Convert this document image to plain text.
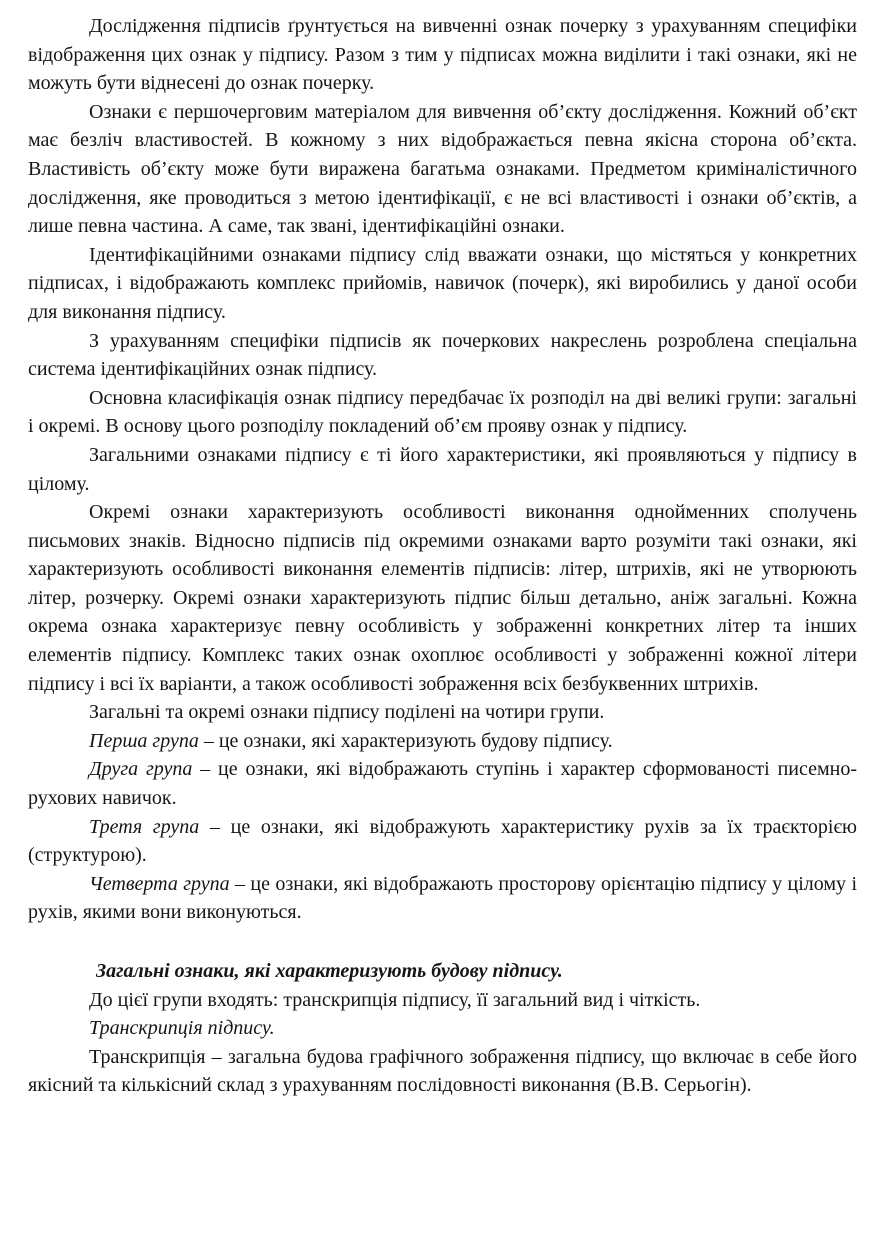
Дослідження підписів ґрунтується на вивченні ознак почерку з урахуванням специфіки відображення цих ознак у підпису. Разом з тим у підписах можна виділити і такі ознаки, які не можуть бути віднесені до ознак почерку.

Ознаки є першочерговим матеріалом для вивчення об’єкту дослідження. Кожний об’єкт має безліч властивостей. В кожному з них відображається певна якісна сторона об’єкта. Властивість об’єкту може бути виражена багатьма ознаками. Предметом криміналістичного дослідження, яке проводиться з метою ідентифікації, є не всі властивості і ознаки об’єктів, а лише певна частина. А саме, так звані, ідентифікаційні ознаки.

Ідентифікаційними ознаками підпису слід вважати ознаки, що містяться у конкретних підписах, і відображають комплекс прийомів, навичок (почерк), які виробились у даної особи для виконання підпису.

З урахуванням специфіки підписів як почеркових накреслень розроблена спеціальна система ідентифікаційних ознак підпису.

Основна класифікація ознак підпису передбачає їх розподіл на дві великі групи: загальні і окремі. В основу цього розподілу покладений об’єм прояву ознак у підпису.

Загальними ознаками підпису є ті його характеристики, які проявляються у підпису в цілому.

Окремі ознаки характеризують особливості виконання однойменних сполучень письмових знаків. Відносно підписів під окремими ознаками варто розуміти такі ознаки, які характеризують особливості виконання елементів підписів: літер, штрихів, які не утворюють літер, розчерку. Окремі ознаки характеризують підпис більш детально, аніж загальні. Кожна окрема ознака характеризує певну особливість у зображенні конкретних літер та інших елементів підпису. Комплекс таких ознак охоплює особливості у зображенні кожної літери підпису і всі їх варіанти, а також особливості зображення всіх безбуквенних штрихів.

Загальні та окремі ознаки підпису поділені на чотири групи.

Перша група – це ознаки, які характеризують будову підпису.

Друга група – це ознаки, які відображають ступінь і характер сформованості писемно-рухових навичок.

Третя група – це ознаки, які відображують характеристику рухів за їх траєкторією (структурою).

Четверта група – це ознаки, які відображають просторову орієнтацію підпису у цілому і рухів, якими вони виконуються.

Загальні ознаки, які характеризують будову підпису.

До цієї групи входять: транскрипція підпису, її загальний вид і чіткість.

Транскрипція підпису.

Транскрипція – загальна будова графічного зображення підпису, що включає в себе його якісний та кількісний склад з урахуванням послідовності виконання (В.В. Серьогін).
